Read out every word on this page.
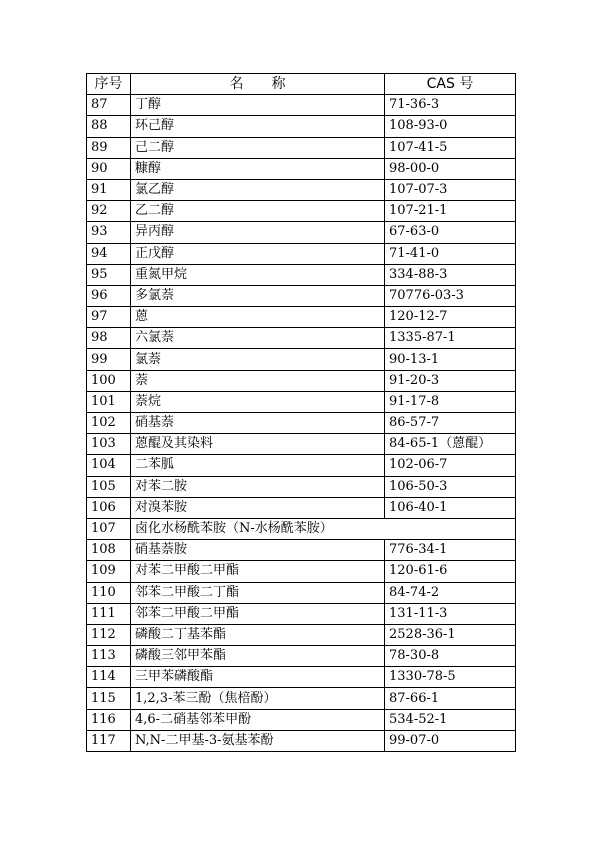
序号	名　　称	CAS 号
87	丁醇	71-36-3
88	环己醇	108-93-0
89	己二醇	107-41-5
90	糠醇	98-00-0
91	氯乙醇	107-07-3
92	乙二醇	107-21-1
93	异丙醇	67-63-0
94	正戊醇	71-41-0
95	重氮甲烷	334-88-3
96	多氯萘	70776-03-3
97	蒽	120-12-7
98	六氯萘	1335-87-1
99	氯萘	90-13-1
100	萘	91-20-3
101	萘烷	91-17-8
102	硝基萘	86-57-7
103	蒽醌及其染料	84-65-1（蒽醌）
104	二苯胍	102-06-7
105	对苯二胺	106-50-3
106	对溴苯胺	106-40-1
107	卤化水杨酰苯胺（N-水杨酰苯胺）	
108	硝基萘胺	776-34-1
109	对苯二甲酸二甲酯	120-61-6
110	邻苯二甲酸二丁酯	84-74-2
111	邻苯二甲酸二甲酯	131-11-3
112	磷酸二丁基苯酯	2528-36-1
113	磷酸三邻甲苯酯	78-30-8
114	三甲苯磷酸酯	1330-78-5
115	1,2,3-苯三酚（焦棓酚）	87-66-1
116	4,6-二硝基邻苯甲酚	534-52-1
117	N,N-二甲基-3-氨基苯酚	99-07-0
